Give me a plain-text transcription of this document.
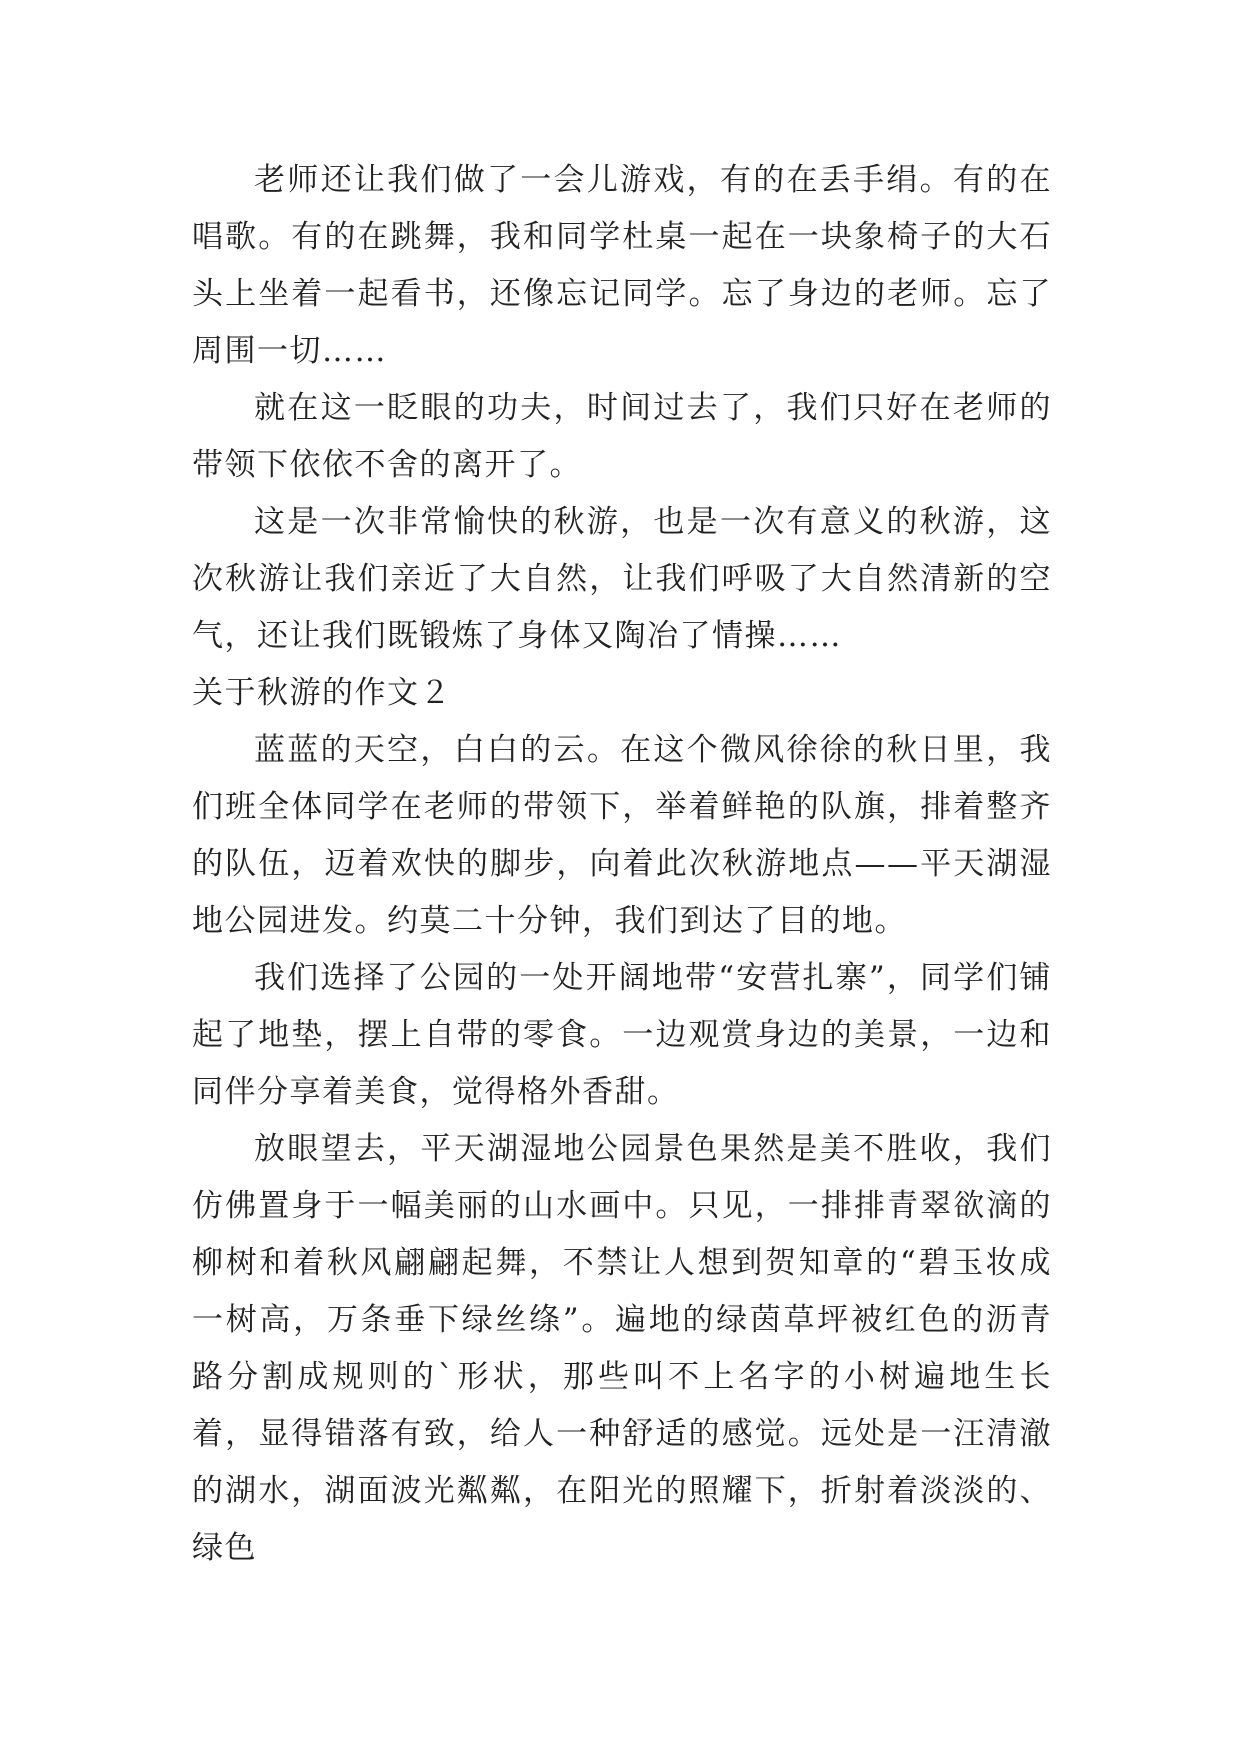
老师还让我们做了一会儿游戏，有的在丢手绢。有的在唱歌。有的在跳舞，我和同学杜桌一起在一块象椅子的大石头上坐着一起看书，还像忘记同学。忘了身边的老师。忘了周围一切……

就在这一眨眼的功夫，时间过去了，我们只好在老师的带领下依依不舍的离开了。

这是一次非常愉快的秋游，也是一次有意义的秋游，这次秋游让我们亲近了大自然，让我们呼吸了大自然清新的空气，还让我们既锻炼了身体又陶冶了情操……

关于秋游的作文２

蓝蓝的天空，白白的云。在这个微风徐徐的秋日里，我们班全体同学在老师的带领下，举着鲜艳的队旗，排着整齐的队伍，迈着欢快的脚步，向着此次秋游地点——平天湖湿地公园进发。约莫二十分钟，我们到达了目的地。

我们选择了公园的一处开阔地带“安营扎寨”，同学们铺起了地垫，摆上自带的零食。一边观赏身边的美景，一边和同伴分享着美食，觉得格外香甜。

放眼望去，平天湖湿地公园景色果然是美不胜收，我们仿佛置身于一幅美丽的山水画中。只见，一排排青翠欲滴的柳树和着秋风翩翩起舞，不禁让人想到贺知章的“碧玉妆成一树高，万条垂下绿丝绦”。遍地的绿茵草坪被红色的沥青路分割成规则的`形状，那些叫不上名字的小树遍地生长着，显得错落有致，给人一种舒适的感觉。远处是一汪清澈的湖水，湖面波光粼粼，在阳光的照耀下，折射着淡淡的、绿色
